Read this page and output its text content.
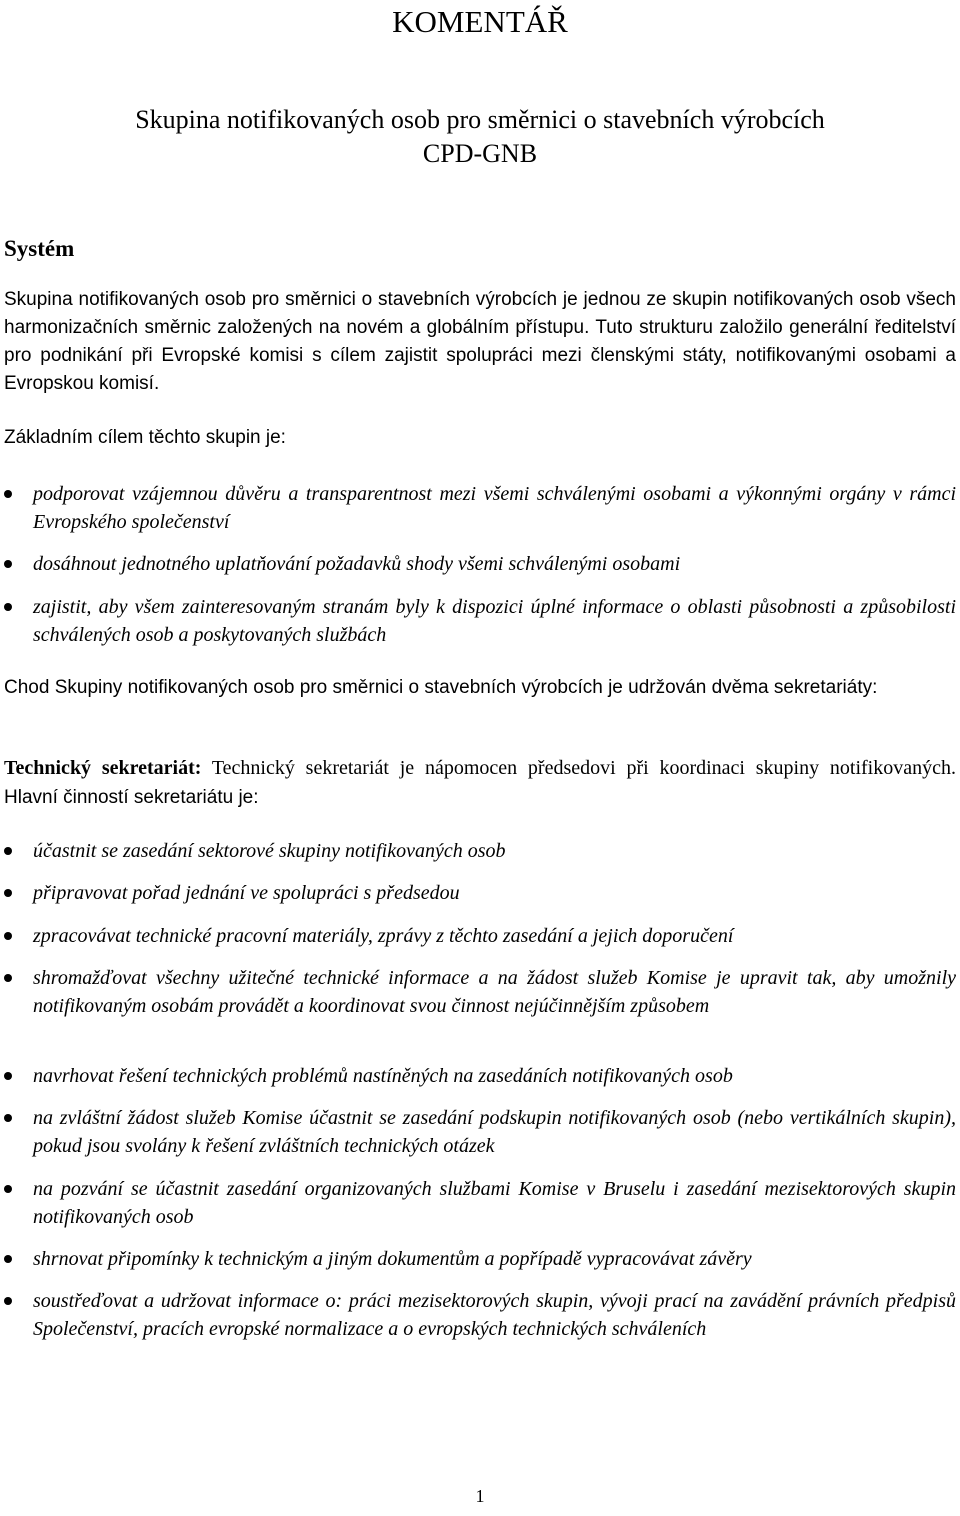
KOMENTÁŘ
Skupina notifikovaných osob pro směrnici o stavebních výrobcích
CPD-GNB
Systém
Skupina notifikovaných osob pro směrnici o stavebních výrobcích je jednou ze skupin notifikovaných osob všech harmonizačních směrnic založených na novém a globálním přístupu. Tuto strukturu založilo generální ředitelství pro podnikání při Evropské komisi s cílem zajistit spolupráci mezi členskými státy, notifikovanými osobami a Evropskou komisí.
Základním cílem těchto skupin je:
podporovat vzájemnou důvěru a transparentnost mezi všemi schválenými osobami a výkonnými orgány v rámci Evropského společenství
dosáhnout jednotného uplatňování požadavků shody všemi schválenými osobami
zajistit, aby všem zainteresovaným stranám byly k dispozici úplné informace o oblasti působnosti a způsobilosti schválených osob a poskytovaných službách
Chod Skupiny notifikovaných osob pro směrnici o stavebních výrobcích je udržován dvěma sekretariáty:
Technický sekretariát: Technický sekretariát je nápomocen předsedovi při koordinaci skupiny notifikovaných. Hlavní činností sekretariátu je:
účastnit se zasedání sektorové skupiny notifikovaných osob
připravovat pořad jednání ve spolupráci s předsedou
zpracovávat technické pracovní materiály, zprávy z těchto zasedání a jejich doporučení
shromažďovat všechny užitečné technické informace a na žádost služeb Komise je upravit tak, aby umožnily notifikovaným osobám provádět a koordinovat svou činnost nejúčinnějším způsobem
navrhovat řešení technických problémů nastíněných na zasedáních notifikovaných osob
na zvláštní žádost služeb Komise účastnit se zasedání podskupin notifikovaných osob (nebo vertikálních skupin), pokud jsou svolány k řešení zvláštních technických otázek
na pozvání se účastnit zasedání organizovaných službami Komise v Bruselu i zasedání mezisektorových skupin notifikovaných osob
shrnovat připomínky k technickým a jiným dokumentům a popřípadě vypracovávat závěry
soustřeďovat a udržovat informace o: práci mezisektorových skupin, vývoji prací na zavádění právních předpisů Společenství, pracích evropské normalizace a o evropských technických schváleních
1
